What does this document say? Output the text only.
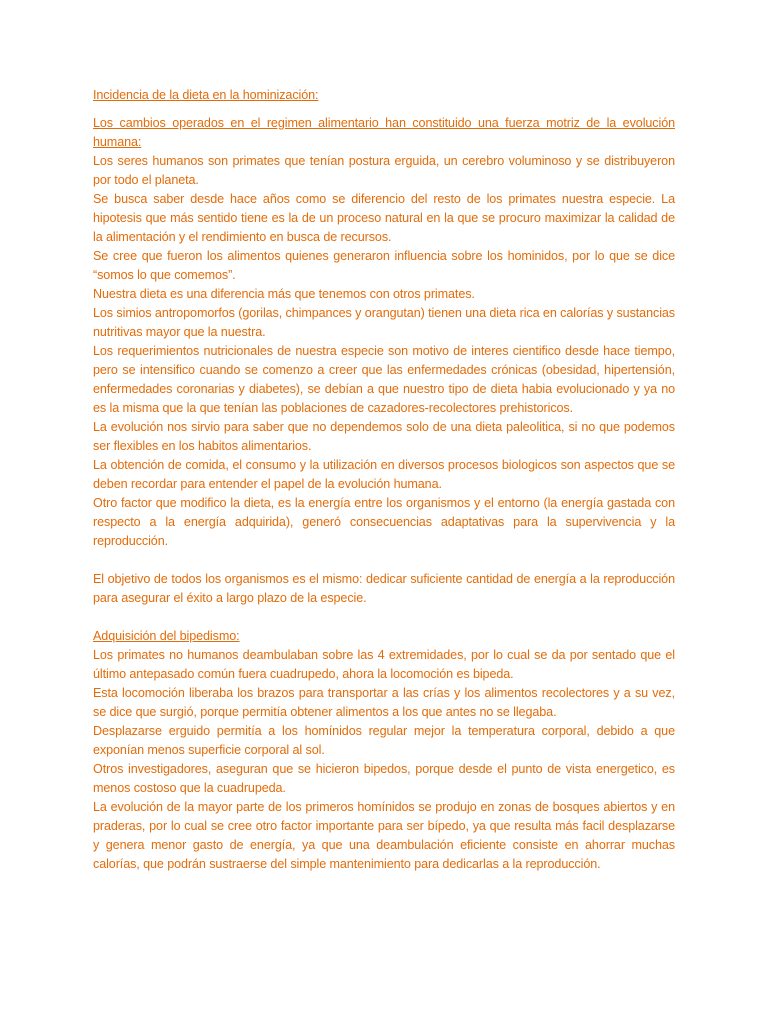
Incidencia de la dieta en la hominización:

Los cambios operados en el regimen alimentario han constituido una fuerza motriz de la evolución humana:

Los seres humanos son primates que tenían postura erguida, un cerebro voluminoso y se distribuyeron por todo el planeta.

Se busca saber desde hace años como se diferencio del resto de los primates nuestra especie. La hipotesis que más sentido tiene es la de un proceso natural en la que se procuro maximizar la calidad de la alimentación y el rendimiento en busca de recursos.

Se cree que fueron los alimentos quienes generaron influencia sobre los hominidos, por lo que se dice “somos lo que comemos”.

Nuestra dieta es una diferencia más que tenemos con otros primates.

Los simios antropomorfos (gorilas, chimpances y orangutan) tienen una dieta rica en calorías y sustancias nutritivas mayor que la nuestra.

Los requerimientos nutricionales de nuestra especie son motivo de interes cientifico desde hace tiempo, pero se intensifico cuando se comenzo a creer que las enfermedades crónicas (obesidad, hipertensión, enfermedades coronarias y diabetes), se debían a que nuestro tipo de dieta habia evolucionado y ya no es la misma que la que tenían las poblaciones de cazadores-recolectores prehistoricos.

La evolución nos sirvio para saber que no dependemos solo de una dieta paleolitica, si no que podemos ser flexibles en los habitos alimentarios.

La obtención de comida, el consumo y la utilización en diversos procesos biologicos son aspectos que se deben recordar para entender el papel de la evolución humana.

Otro factor que modifico la dieta, es la energía entre los organismos y el entorno (la energía gastada con respecto a la energía adquirida), generó consecuencias adaptativas para la supervivencia y la reproducción.

El objetivo de todos los organismos es el mismo: dedicar suficiente cantidad de energía a la reproducción para asegurar el éxito a largo plazo de la especie.

Adquisición del bipedismo:

Los primates no humanos deambulaban sobre las 4 extremidades, por lo cual se da por sentado que el último antepasado común fuera cuadrupedo, ahora la locomoción es bipeda.

Esta locomoción liberaba los brazos para transportar a las crías y los alimentos recolectores y a su vez, se dice que surgió, porque permitía obtener alimentos a los que antes no se llegaba.

Desplazarse erguido permitía a los homínidos regular mejor la temperatura corporal, debido a que exponían menos superficie corporal al sol.

Otros investigadores, aseguran que se hicieron bipedos, porque desde el punto de vista energetico, es menos costoso que la cuadrupeda.

La evolución de la mayor parte de los primeros homínidos se produjo en zonas de bosques abiertos y en praderas, por lo cual se cree otro factor importante para ser bípedo, ya que resulta más facil desplazarse y genera menor gasto de energía, ya que una deambulación eficiente consiste en ahorrar muchas calorías, que podrán sustraerse del simple mantenimiento para dedicarlas a la reproducción.
